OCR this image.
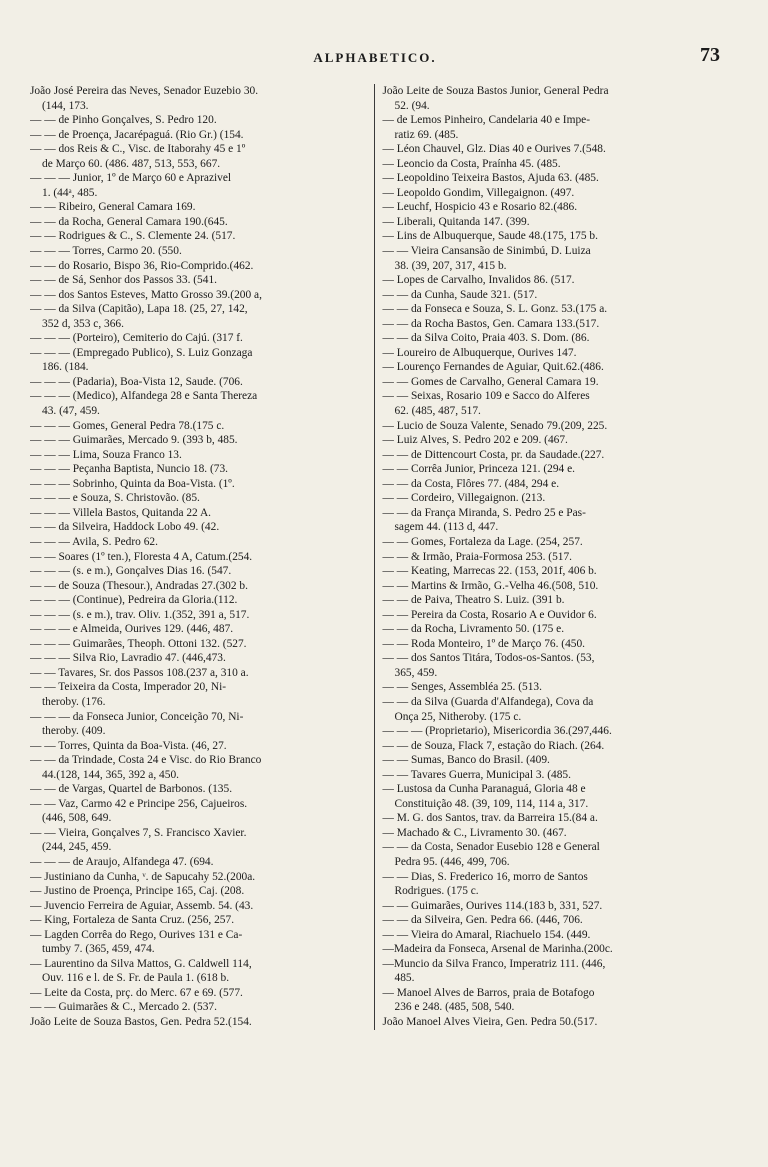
ALPHABETICO.	73
João José Pereira das Neves, Senador Euzebio 30.
(144, 173.
— — de Pinho Gonçalves, S. Pedro 120.
— — de Proença, Jacarépaguá. (Rio Gr.) (154.
— — dos Reis & C., Visc. de Itaborahy 45 e 1º
de Março 60. (486. 487, 513, 553, 667.
— — — Junior, 1º de Março 60 e Aprazivel
1. (44ᵃ, 485.
— — Ribeiro, General Camara 169.
— — da Rocha, General Camara 190.(645.
— — Rodrigues & C., S. Clemente 24. (517.
— — — Torres, Carmo 20. (550.
— — do Rosario, Bispo 36, Rio-Comprido.(462.
— — de Sá, Senhor dos Passos 33. (541.
— — dos Santos Esteves, Matto Grosso 39.(200 a,
— — da Silva (Capitão), Lapa 18. (25, 27, 142,
352 d, 353 c, 366.
— — — (Porteiro), Cemiterio do Cajú. (317 f.
— — — (Empregado Publico), S. Luiz Gonzaga
186. (184.
— — — (Padaria), Boa-Vista 12, Saude. (706.
— — — (Medico), Alfandega 28 e Santa Thereza
43. (47, 459.
— — — Gomes, General Pedra 78.(175 c.
— — — Guimarães, Mercado 9. (393 b, 485.
— — — Lima, Souza Franco 13.
— — — Peçanha Baptista, Nuncio 18. (73.
— — — Sobrinho, Quinta da Boa-Vista. (1º.
— — — e Souza, S. Christovão. (85.
— — — Villela Bastos, Quitanda 22 A.
— — da Silveira, Haddock Lobo 49. (42.
— — — Avila, S. Pedro 62.
— — Soares (1º ten.), Floresta 4 A, Catum.(254.
— — — (s. e m.), Gonçalves Dias 16. (547.
— — de Souza (Thesour.), Andradas 27.(302 b.
— — — (Continue), Pedreira da Gloria.(112.
— — — (s. e m.), trav. Oliv. 1.(352, 391 a, 517.
— — — e Almeida, Ourives 129. (446, 487.
— — — Guimarães, Theoph. Ottoni 132. (527.
— — — Silva Rio, Lavradio 47. (446,473.
— — Tavares, Sr. dos Passos 108.(237 a, 310 a.
— — Teixeira da Costa, Imperador 20, Ni-
theroby. (176.
— — — da Fonseca Junior, Conceição 70, Ni-
theroby. (409.
— — Torres, Quinta da Boa-Vista. (46, 27.
— — da Trindade, Costa 24 e Visc. do Rio Branco
44.(128, 144, 365, 392 a, 450.
— — de Vargas, Quartel de Barbonos. (135.
— — Vaz, Carmo 42 e Principe 256, Cajueiros.
(446, 508, 649.
— — Vieira, Gonçalves 7, S. Francisco Xavier.
(244, 245, 459.
— — — de Araujo, Alfandega 47. (694.
— Justiniano da Cunha, ᵛ. de Sapucahy 52.(200a.
— Justino de Proença, Principe 165, Caj. (208.
— Juvencio Ferreira de Aguiar, Assemb. 54. (43.
— King, Fortaleza de Santa Cruz. (256, 257.
— Lagden Corrêa do Rego, Ourives 131 e Ca-
tumby 7. (365, 459, 474.
— Laurentino da Silva Mattos, G. Caldwell 114,
Ouv. 116 e l. de S. Fr. de Paula 1. (618 b.
— Leite da Costa, prç. do Merc. 67 e 69. (577.
— — Guimarães & C., Mercado 2. (537.
João Leite de Souza Bastos, Gen. Pedra 52.(154.
João Leite de Souza Bastos Junior, General Pedra
52. (94.
— de Lemos Pinheiro, Candelaria 40 e Impe-
ratiz 69. (485.
— Léon Chauvel, Glz. Dias 40 e Ourives 7.(548.
— Leoncio da Costa, Praínha 45. (485.
— Leopoldino Teixeira Bastos, Ajuda 63. (485.
— Leopoldo Gondim, Villegaignon. (497.
— Leuchf, Hospicio 43 e Rosario 82.(486.
— Liberali, Quitanda 147. (399.
— Lins de Albuquerque, Saude 48.(175, 175 b.
— — Vieira Cansansão de Sinimbú, D. Luiza
38. (39, 207, 317, 415 b.
— Lopes de Carvalho, Invalidos 86. (517.
— — da Cunha, Saude 321. (517.
— — da Fonseca e Souza, S. L. Gonz. 53.(175 a.
— — da Rocha Bastos, Gen. Camara 133.(517.
— — da Silva Coito, Praia 403. S. Dom. (86.
— Loureiro de Albuquerque, Ourives 147.
— Lourenço Fernandes de Aguiar, Quit.62.(486.
— — Gomes de Carvalho, General Camara 19.
— — Seixas, Rosario 109 e Sacco do Alferes
62. (485, 487, 517.
— Lucio de Souza Valente, Senado 79.(209, 225.
— Luiz Alves, S. Pedro 202 e 209. (467.
— — de Dittencourt Costa, pr. da Saudade.(227.
— — Corrêa Junior, Princeza 121. (294 e.
— — da Costa, Flôres 77. (484, 294 e.
— — Cordeiro, Villegaignon. (213.
— — da França Miranda, S. Pedro 25 e Pas-
sagem 44. (113 d, 447.
— — Gomes, Fortaleza da Lage. (254, 257.
— — & Irmão, Praia-Formosa 253. (517.
— — Keating, Marrecas 22. (153, 201f, 406 b.
— — Martins & Irmão, G.-Velha 46.(508, 510.
— — de Paiva, Theatro S. Luiz. (391 b.
— — Pereira da Costa, Rosario A e Ouvidor 6.
— — da Rocha, Livramento 50. (175 e.
— — Roda Monteiro, 1º de Março 76. (450.
— — dos Santos Titára, Todos-os-Santos. (53,
365, 459.
— — Senges, Assembléa 25. (513.
— — da Silva (Guarda d'Alfandega), Cova da
Onça 25, Nitheroby. (175 c.
— — — (Proprietario), Misericordia 36.(297,446.
— — de Souza, Flack 7, estação do Riach. (264.
— — Sumas, Banco do Brasil. (409.
— — Tavares Guerra, Municipal 3. (485.
— Lustosa da Cunha Paranaguá, Gloria 48 e
Constituição 48. (39, 109, 114, 114 a, 317.
— M. G. dos Santos, trav. da Barreira 15.(84 a.
— Machado & C., Livramento 30. (467.
— — da Costa, Senador Eusebio 128 e General
Pedra 95. (446, 499, 706.
— — Dias, S. Frederico 16, morro de Santos
Rodrigues. (175 c.
— — Guimarães, Ourives 114.(183 b, 331, 527.
— — da Silveira, Gen. Pedra 66. (446, 706.
— — Vieira do Amaral, Riachuelo 154. (449.
—Madeira da Fonseca, Arsenal de Marinha.(200c.
—Muncio da Silva Franco, Imperatriz 111. (446,
485.
— Manoel Alves de Barros, praia de Botafogo
236 e 248. (485, 508, 540.
João Manoel Alves Vieira, Gen. Pedra 50.(517.
